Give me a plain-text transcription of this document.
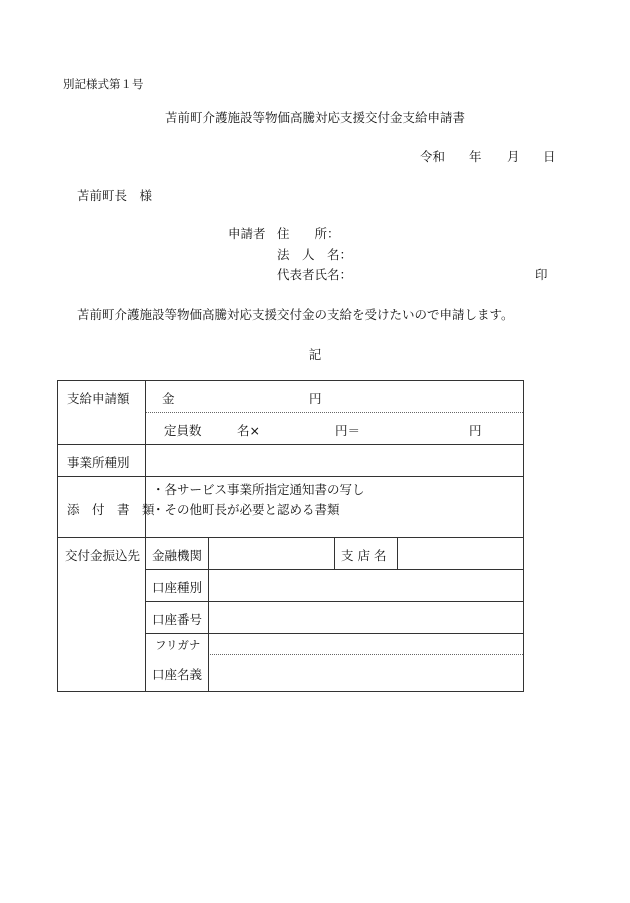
別記様式第１号
苫前町介護施設等物価高騰対応支援交付金支給申請書
令和 年 月 日
苫前町長　様
申請者 住　　所：
法　人　名：
代表者氏名：	印
苫前町介護施設等物価高騰対応支援交付金の支給を受けたいので申請します。
記
支給申請額	金	円
定員数	名×	円＝	円
事業所種別
添　付　書　類
・各サービス事業所指定通知書の写し
・その他町長が必要と認める書類
交付金振込先 金融機関	支 店 名
口座種別
口座番号
フリガナ
口座名義
